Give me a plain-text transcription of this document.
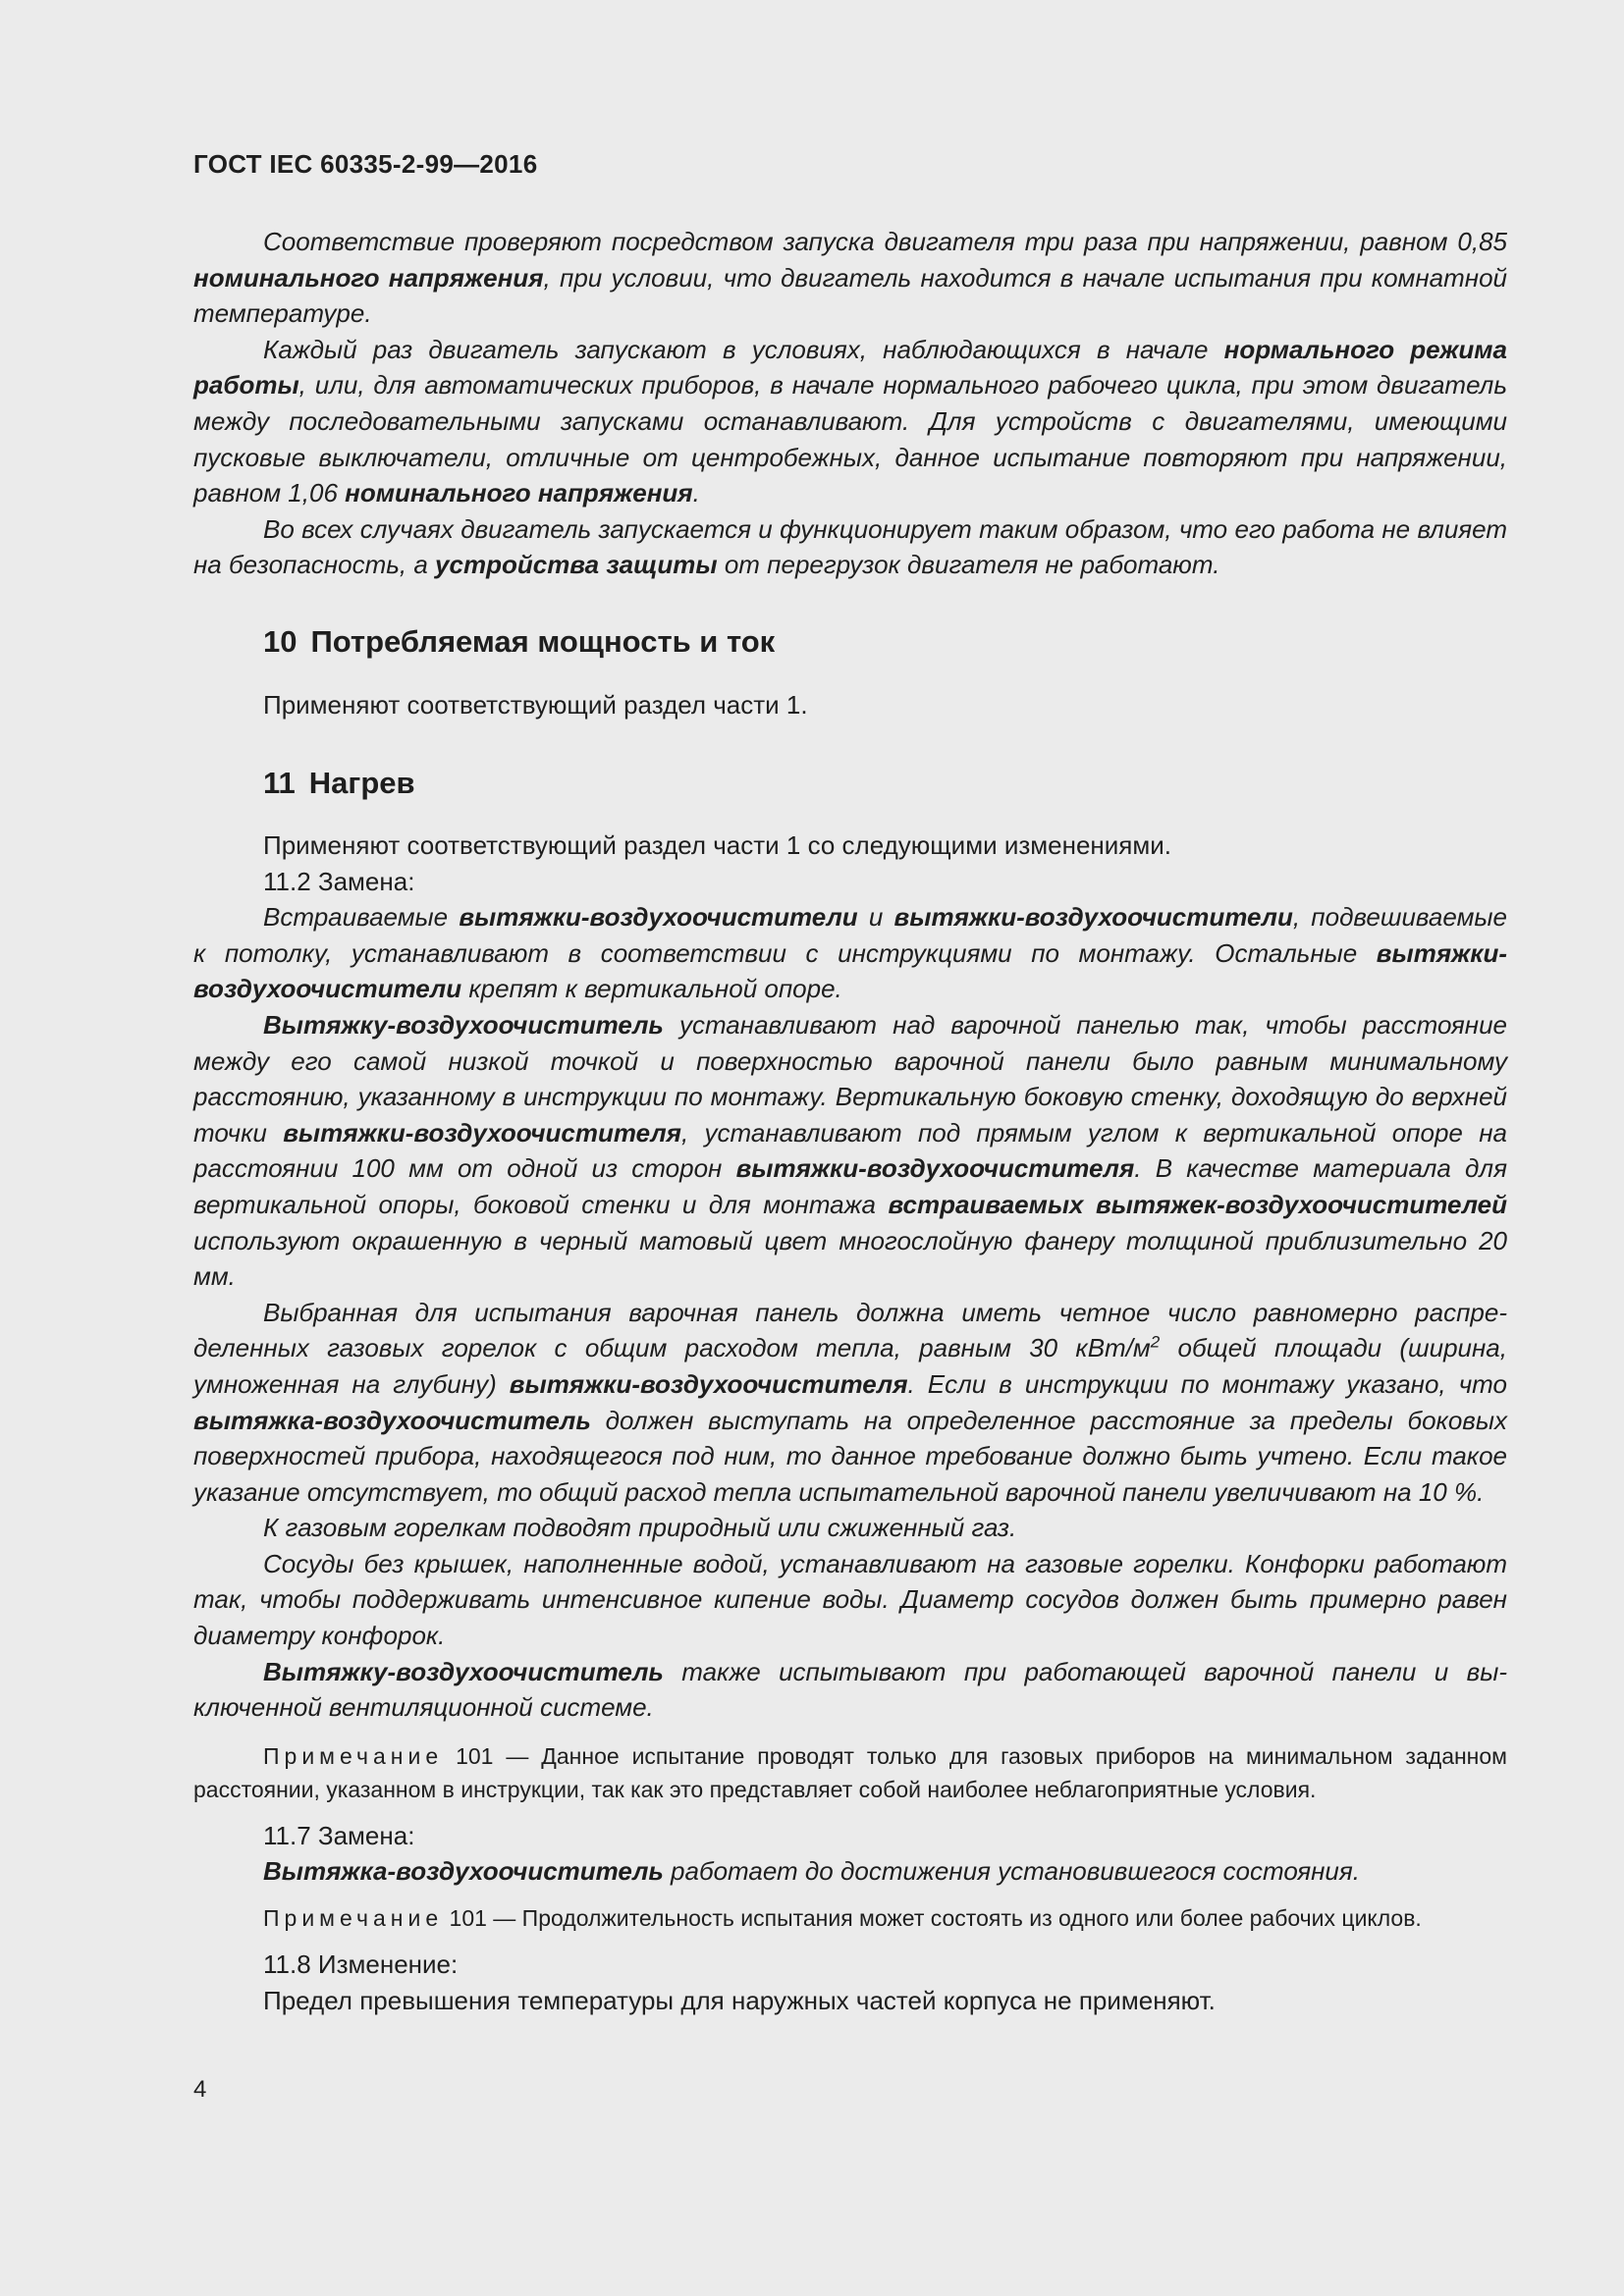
ГОСТ IEC 60335-2-99—2016

Соответствие проверяют посредством запуска двигателя три раза при напряжении, равном 0,85 номинального напряжения, при условии, что двигатель находится в начале испытания при комнатной температуре.

Каждый раз двигатель запускают в условиях, наблюдающихся в начале нормального режима работы, или, для автоматических приборов, в начале нормального рабочего цикла, при этом двигатель между последовательными запусками останавливают. Для устройств с двигателями, имеющими пусковые выключатели, отличные от центробежных, данное испытание повторяют при напряжении, равном 1,06 номинального напряжения.

Во всех случаях двигатель запускается и функционирует таким образом, что его работа не влияет на безопасность, а устройства защиты от перегрузок двигателя не работают.

10 Потребляемая мощность и ток

Применяют соответствующий раздел части 1.

11 Нагрев

Применяют соответствующий раздел части 1 со следующими изменениями.

11.2 Замена:

Встраиваемые вытяжки-воздухоочистители и вытяжки-воздухоочистители, подвешиваемые к потолку, устанавливают в соответствии с инструкциями по монтажу. Остальные вытяжки-воздухоочистители крепят к вертикальной опоре.

Вытяжку-воздухоочиститель устанавливают над варочной панелью так, чтобы расстояние между его самой низкой точкой и поверхностью варочной панели было равным минимальному расстоянию, указанному в инструкции по монтажу. Вертикальную боковую стенку, доходящую до верхней точки вытяжки-воздухоочистителя, устанавливают под прямым углом к вертикальной опоре на расстоянии 100 мм от одной из сторон вытяжки-воздухоочистителя. В качестве материала для вертикальной опоры, боковой стенки и для монтажа встраиваемых вытяжек-воздухоочистителей используют окрашенную в черный матовый цвет многослойную фанеру толщиной приблизительно 20 мм.

Выбранная для испытания варочная панель должна иметь четное число равномерно распределенных газовых горелок с общим расходом тепла, равным 30 кВт/$м^2$ общей площади (ширина, умноженная на глубину) вытяжки-воздухоочистителя. Если в инструкции по монтажу указано, что вытяжка-воздухоочиститель должен выступать на определенное расстояние за пределы боковых поверхностей прибора, находящегося под ним, то данное требование должно быть учтено. Если такое указание отсутствует, то общий расход тепла испытательной варочной панели увеличивают на 10 %.

К газовым горелкам подводят природный или сжиженный газ.

Сосуды без крышек, наполненные водой, устанавливают на газовые горелки. Конфорки работают так, чтобы поддерживать интенсивное кипение воды. Диаметр сосудов должен быть примерно равен диаметру конфорок.

Вытяжку-воздухоочиститель также испытывают при работающей варочной панели и выключенной вентиляционной системе.

Примечание 101 — Данное испытание проводят только для газовых приборов на минимальном заданном расстоянии, указанном в инструкции, так как это представляет собой наиболее неблагоприятные условия.

11.7 Замена:

Вытяжка-воздухоочиститель работает до достижения установившегося состояния.

Примечание 101 — Продолжительность испытания может состоять из одного или более рабочих циклов.

11.8 Изменение:

Предел превышения температуры для наружных частей корпуса не применяют.

4
